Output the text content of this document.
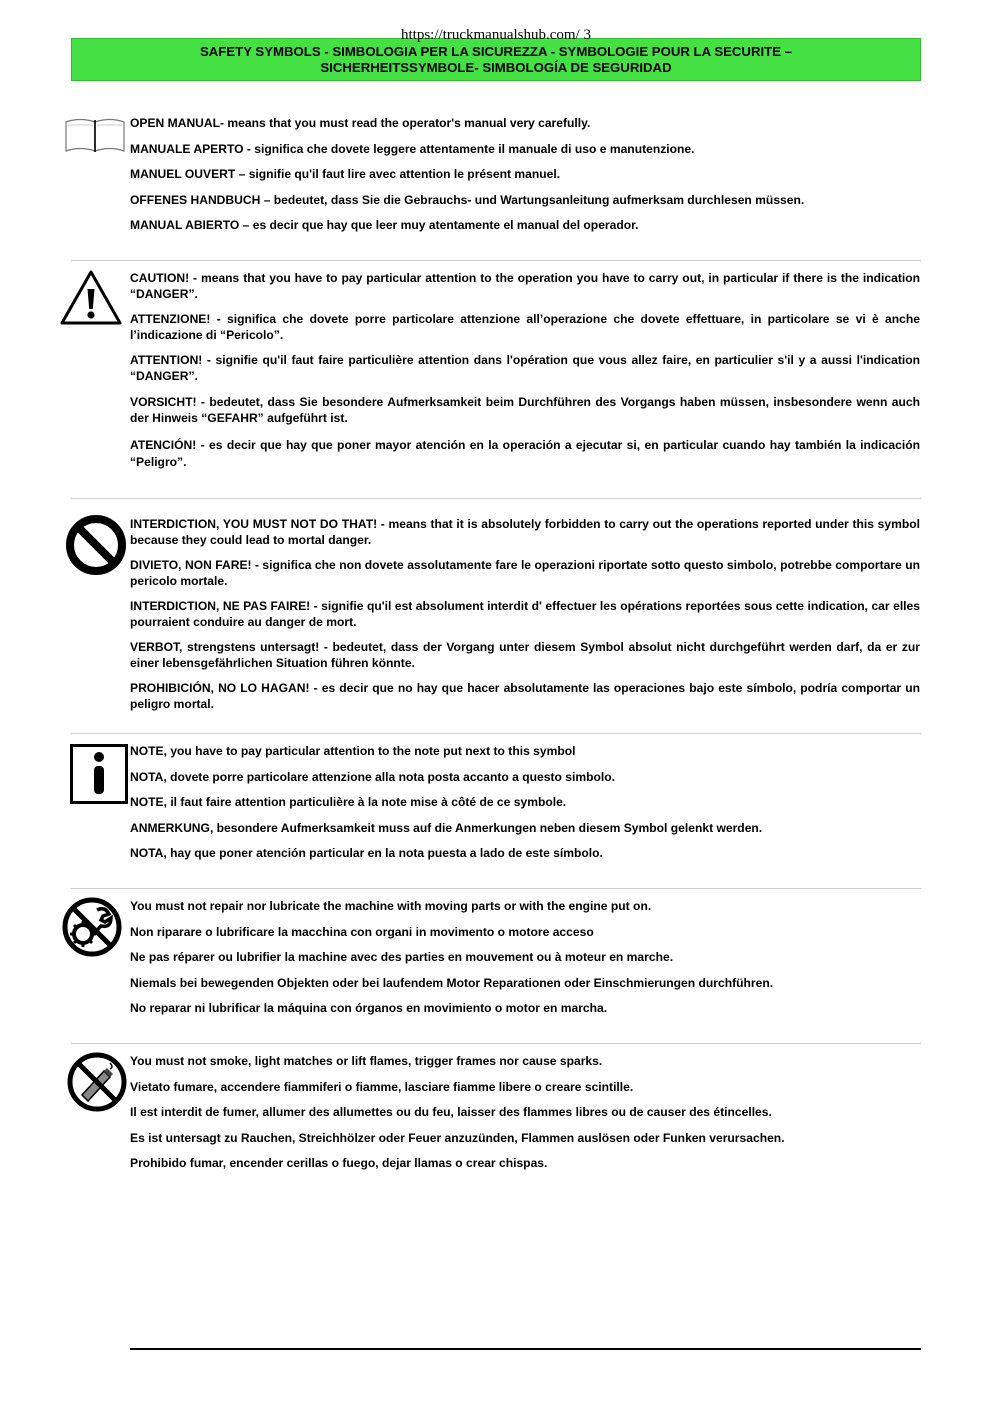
https://truckmanualshub.com/ 3
SAFETY SYMBOLS - SIMBOLOGIA PER LA SICUREZZA - SYMBOLOGIE POUR LA SECURITE –
SICHERHEITSSYMBOLE- SIMBOLOGÍA DE SEGURIDAD

OPEN MANUAL- means that you must read the operator's manual very carefully.

MANUALE APERTO - significa che dovete leggere attentamente il manuale di uso e manutenzione.

MANUEL OUVERT – signifie qu'il faut lire avec attention le présent manuel.

OFFENES HANDBUCH – bedeutet, dass Sie die Gebrauchs- und Wartungsanleitung aufmerksam durchlesen müssen.

MANUAL ABIERTO – es decir que hay que leer muy atentamente el manual del operador.

CAUTION! - means that you have to pay particular attention to the operation you have to carry out, in particular if there is the indication “DANGER”.

ATTENZIONE! - significa che dovete porre particolare attenzione all’operazione che dovete effettuare, in particolare se vi è anche l’indicazione di “Pericolo”.

ATTENTION! - signifie qu'il faut faire particulière attention dans l'opération que vous allez faire, en particulier s'il y a aussi l'indication “DANGER”.

VORSICHT! - bedeutet, dass Sie besondere Aufmerksamkeit beim Durchführen des Vorgangs haben müssen, insbesondere wenn auch der Hinweis “GEFAHR” aufgeführt ist.

ATENCIÓN! - es decir que hay que poner mayor atención en la operación a ejecutar si, en particular cuando hay también la indicación “Peligro”.

INTERDICTION, YOU MUST NOT DO THAT! - means that it is absolutely forbidden to carry out the operations reported under this symbol because they could lead to mortal danger.

DIVIETO, NON FARE! - significa che non dovete assolutamente fare le operazioni riportate sotto questo simbolo, potrebbe comportare un pericolo mortale.

INTERDICTION, NE PAS FAIRE! - signifie qu'il est absolument interdit d' effectuer les opérations reportées sous cette indication, car elles pourraient conduire au danger de mort.

VERBOT, strengstens untersagt! - bedeutet, dass der Vorgang unter diesem Symbol absolut nicht durchgeführt werden darf, da er zur einer lebensgefährlichen Situation führen könnte.

PROHIBICIÓN, NO LO HAGAN! - es decir que no hay que hacer absolutamente las operaciones bajo este símbolo, podría comportar un peligro mortal.

NOTE, you have to pay particular attention to the note put next to this symbol

NOTA, dovete porre particolare attenzione alla nota posta accanto a questo simbolo.

NOTE, il faut faire attention particulière à la note mise à côté de ce symbole.

ANMERKUNG, besondere Aufmerksamkeit muss auf die Anmerkungen neben diesem Symbol gelenkt werden.

NOTA, hay que poner atención particular en la nota puesta a lado de este símbolo.

You must not repair nor lubricate the machine with moving parts or with the engine put on.

Non riparare o lubrificare la macchina con organi in movimento o motore acceso

Ne pas réparer ou lubrifier la machine avec des parties en mouvement ou à moteur en marche.

Niemals bei bewegenden Objekten oder bei laufendem Motor Reparationen oder Einschmierungen durchführen.

No reparar ni lubrificar la máquina con órganos en movimiento o motor en marcha.

You must not smoke, light matches or lift flames, trigger frames nor cause sparks.

Vietato fumare, accendere fiammiferi o fiamme, lasciare fiamme libere o creare scintille.

Il est interdit de fumer, allumer des allumettes ou du feu, laisser des flammes libres ou de causer des étincelles.

Es ist untersagt zu Rauchen, Streichhölzer oder Feuer anzuzünden, Flammen auslösen oder Funken verursachen.

Prohibido fumar, encender cerillas o fuego, dejar llamas o crear chispas.
